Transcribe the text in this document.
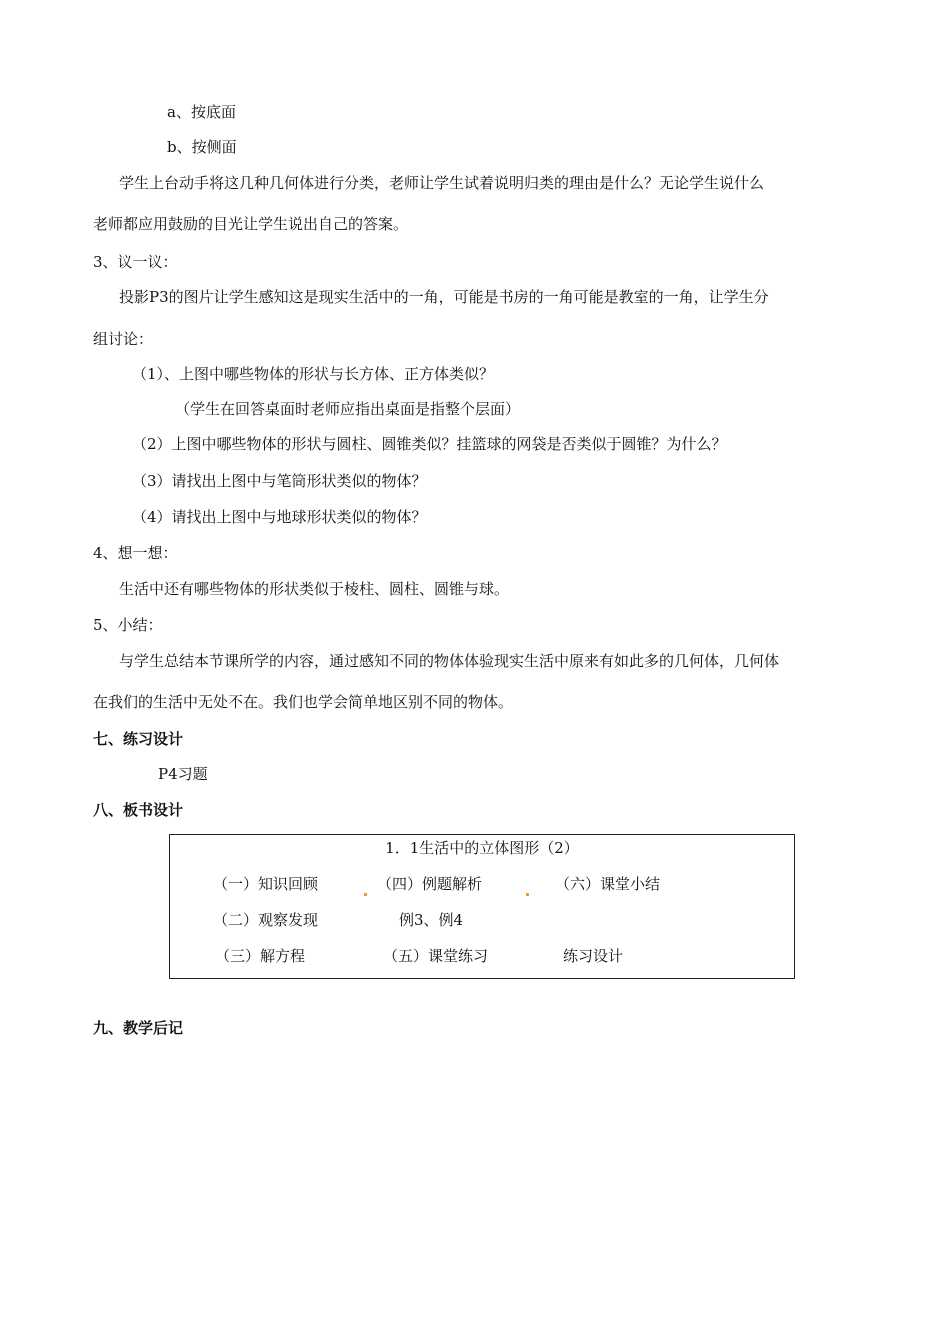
a、按底面
b、按侧面
学生上台动手将这几种几何体进行分类，老师让学生试着说明归类的理由是什么？无论学生说什么
老师都应用鼓励的目光让学生说出自己的答案。
3、议一议：
投影P3的图片让学生感知这是现实生活中的一角，可能是书房的一角可能是教室的一角，让学生分
组讨论：
（1）、上图中哪些物体的形状与长方体、正方体类似？
（学生在回答桌面时老师应指出桌面是指整个层面）
（2）上图中哪些物体的形状与圆柱、圆锥类似？挂篮球的网袋是否类似于圆锥？为什么？
（3）请找出上图中与笔筒形状类似的物体？
（4）请找出上图中与地球形状类似的物体？
4、想一想：
生活中还有哪些物体的形状类似于棱柱、圆柱、圆锥与球。
5、小结：
与学生总结本节课所学的内容，通过感知不同的物体体验现实生活中原来有如此多的几何体，几何体
在我们的生活中无处不在。我们也学会简单地区别不同的物体。
七、练习设计
P4习题
八、板书设计
1．1生活中的立体图形（2）
（一）知识回顾	（四）例题解析	（六）课堂小结
（二）观察发现	例3、例4
（三）解方程	（五）课堂练习	练习设计
九、教学后记
